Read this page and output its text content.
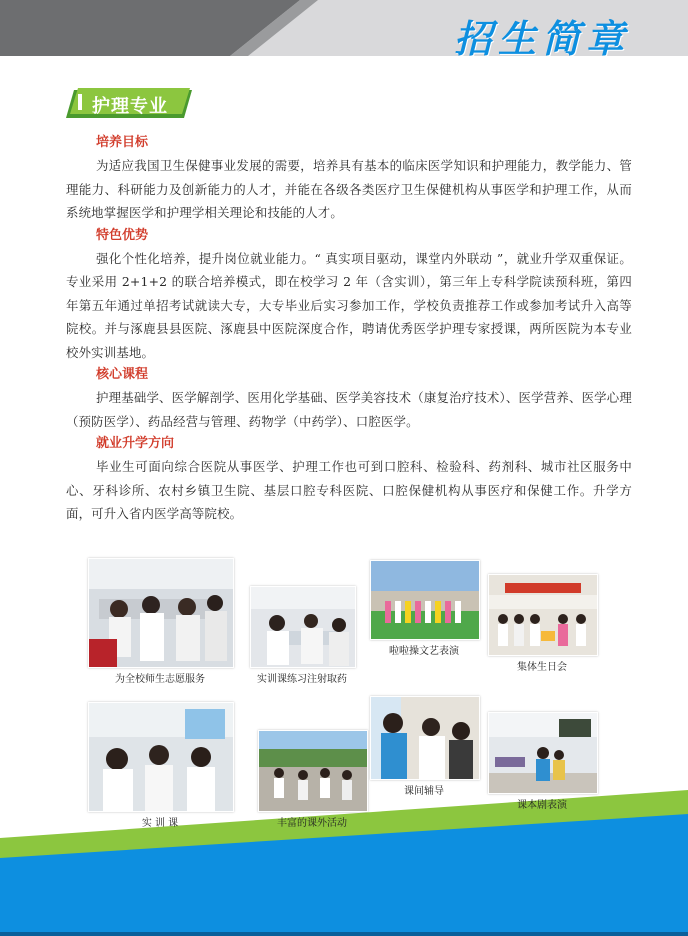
招生简章
护理专业
培养目标

为适应我国卫生保健事业发展的需要，培养具有基本的临床医学知识和护理能力，教学能力、管理能力、科研能力及创新能力的人才，并能在各级各类医疗卫生保健机构从事医学和护理工作，从而系统地掌握医学和护理学相关理论和技能的人才。

特色优势

强化个性化培养，提升岗位就业能力。“ 真实项目驱动，课堂内外联动 ”，就业升学双重保证。专业采用 2+1+2 的联合培养模式，即在校学习 2 年（含实训），第三年上专科学院读预科班，第四年第五年通过单招考试就读大专，大专毕业后实习参加工作，学校负责推荐工作或参加考试升入高等院校。并与涿鹿县县医院、涿鹿县中医院深度合作，聘请优秀医学护理专家授课，两所医院为本专业校外实训基地。

核心课程

护理基础学、医学解剖学、医用化学基础、医学美容技术（康复治疗技术）、医学营养、医学心理（预防医学）、药品经营与管理、药物学（中药学）、口腔医学。

就业升学方向

毕业生可面向综合医院从事医学、护理工作也可到口腔科、检验科、药剂科、城市社区服务中心、牙科诊所、农村乡镇卫生院、基层口腔专科医院、口腔保健机构从事医疗和保健工作。升学方面，可升入省内医学高等院校。

为全校师生志愿服务	实训课练习注射取药
啦啦操文艺表演
集体生日会
实 训 课	丰富的课外活动
课间辅导
课本剧表演
